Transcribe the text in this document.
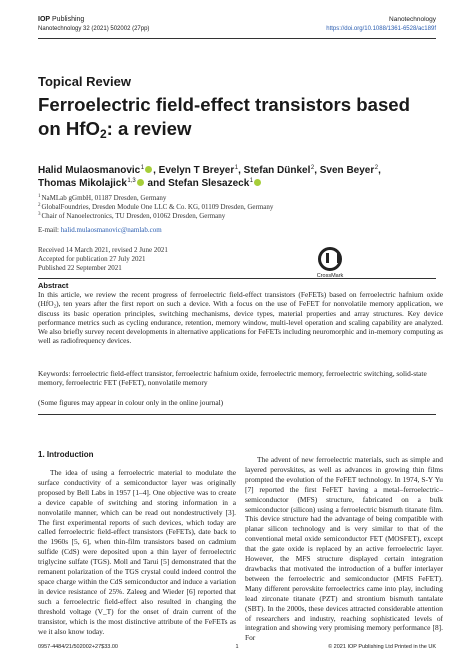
IOP Publishing
Nanotechnology 32 (2021) 502002 (27pp)
Nanotechnology
https://doi.org/10.1088/1361-6528/ac189f
Topical Review
Ferroelectric field-effect transistors based
on HfO$_2$: a review
Halid Mulaosmanovic$^1$ , Evelyn T Breyer$^1$, Stefan Dünkel$^2$, Sven Beyer$^2$,
Thomas Mikolajick$^{1,3}$ and Stefan Slesazeck$^1$
$^1$NaMLab gGmbH, 01187 Dresden, Germany
$^2$GlobalFoundries, Dresden Module One LLC & Co. KG, 01109 Dresden, Germany
$^3$Chair of Nanoelectronics, TU Dresden, 01062 Dresden, Germany
E-mail: halid.mulaosmanovic@namlab.com
Received 14 March 2021, revised 2 June 2021
Accepted for publication 27 July 2021
Published 22 September 2021
CrossMark
Abstract

In this article, we review the recent progress of ferroelectric field-effect transistors (FeFETs) based on ferroelectric hafnium oxide (HfO₂), ten years after the first report on such a device. With a focus on the use of FeFET for nonvolatile memory application, we discuss its basic operation principles, switching mechanisms, device types, material properties and array structures. Key device performance metrics such as cycling endurance, retention, memory window, multi-level operation and scaling capability are analyzed. We also briefly survey recent developments in alternative applications for FeFETs including neuromorphic and in-memory computing as well as radiofrequency devices.

Keywords: ferroelectric field-effect transistor, ferroelectric hafnium oxide, ferroelectric memory, ferroelectric switching, solid-state memory, ferroelectric FET (FeFET), nonvolatile memory

(Some figures may appear in colour only in the online journal)

1. Introduction

The idea of using a ferroelectric material to modulate the surface conductivity of a semiconductor layer was originally proposed by Bell Labs in 1957 [1–4]. One objective was to create a device capable of switching and storing information in a nonvolatile manner, which can be read out nondestructively [3]. The first experimental reports of such devices, which today are called ferroelectric field-effect transistors (FeFETs), date back to the 1960s [5, 6], when thin-film transistors based on cadmium sulfide (CdS) were deposited upon a thin layer of ferroelectric triglycine sulfate (TGS). Moll and Tarui [5] demonstrated that the remanent polarization of the TGS crystal could indeed control the space charge within the CdS semiconductor and induce a variation in device resistance of 25%. Zaleeg and Wieder [6] reported that such a ferroelectric field-effect also resulted in changing the threshold voltage (V_T) for the onset of drain current of the transistor, which is the most distinctive attribute of the FeFETs as we it also know today.

The advent of new ferroelectric materials, such as simple and layered perovskites, as well as advances in growing thin films prompted the evolution of the FeFET technology. In 1974, S-Y Yu [7] reported the first FeFET having a metal–ferroelectric–semiconductor (MFS) structure, fabricated on a bulk semiconductor (silicon) using a ferroelectric bismuth titanate film. This device structure had the advantage of being compatible with planar silicon technology and is very similar to that of the conventional metal oxide semiconductor FET (MOSFET), except that the gate oxide is replaced by an active ferroelectric layer. However, the MFS structure displayed certain integration drawbacks that motivated the introduction of a buffer interlayer between the ferroelectric and semiconductor (MFIS FeFET). Many different perovskite ferroelectrics came into play, including lead zirconate titanate (PZT) and strontium bismuth tantalate (SBT). In the 2000s, these devices attracted considerable attention of researchers and industry, reaching sophisticated levels of integration and showing very promising memory performance [8]. For

0957-4484/21/502002+27$33.00	1	© 2021 IOP Publishing Ltd Printed in the UK
